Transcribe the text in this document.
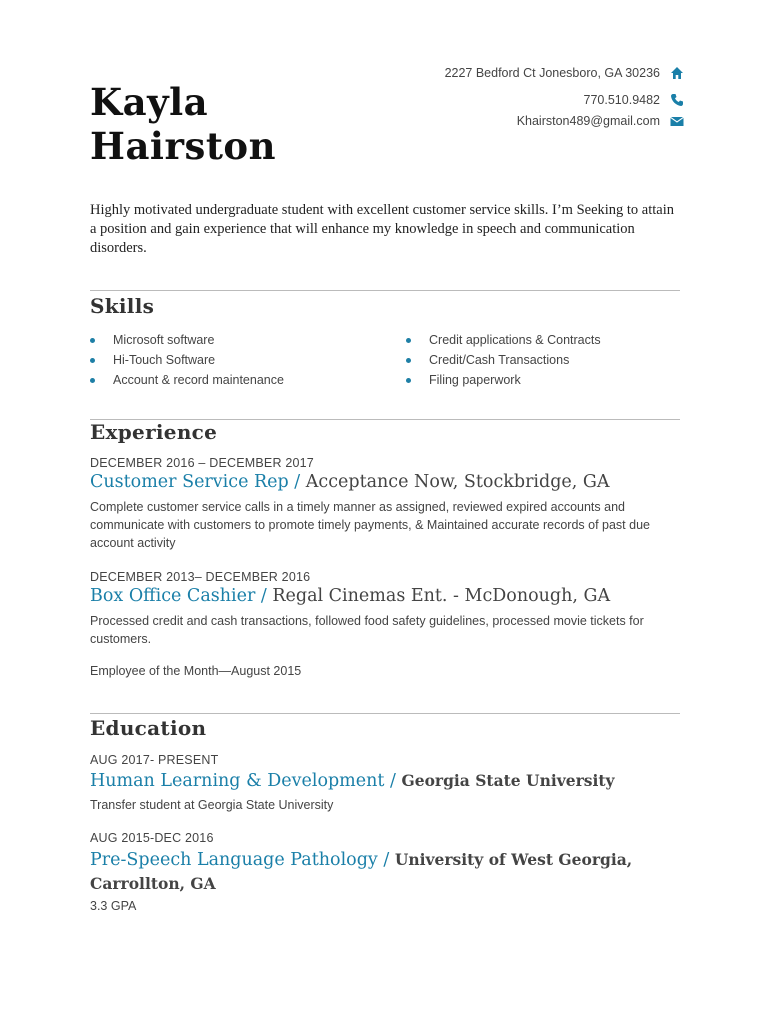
Kayla
Hairston
2227 Bedford Ct Jonesboro, GA 30236
770.510.9482
Khairston489@gmail.com
Highly motivated undergraduate student with excellent customer service skills. I’m Seeking to attain a position and gain experience that will enhance my knowledge in speech and communication disorders.
Skills
Microsoft software
Hi-Touch Software
Account & record maintenance
Credit applications & Contracts
Credit/Cash Transactions
Filing paperwork
Experience
DECEMBER 2016 – DECEMBER 2017
Customer Service Rep / Acceptance Now, Stockbridge, GA
Complete customer service calls in a timely manner as assigned, reviewed expired accounts and communicate with customers to promote timely payments, & Maintained accurate records of past due account activity
DECEMBER 2013– DECEMBER 2016
Box Office Cashier / Regal Cinemas Ent. - McDonough, GA
Processed credit and cash transactions, followed food safety guidelines, processed movie tickets for customers.
Employee of the Month—August 2015
Education
AUG 2017- PRESENT
Human Learning & Development / Georgia State University
Transfer student at Georgia State University
AUG 2015-DEC 2016
Pre-Speech Language Pathology / University of West Georgia, Carrollton, GA
3.3 GPA
